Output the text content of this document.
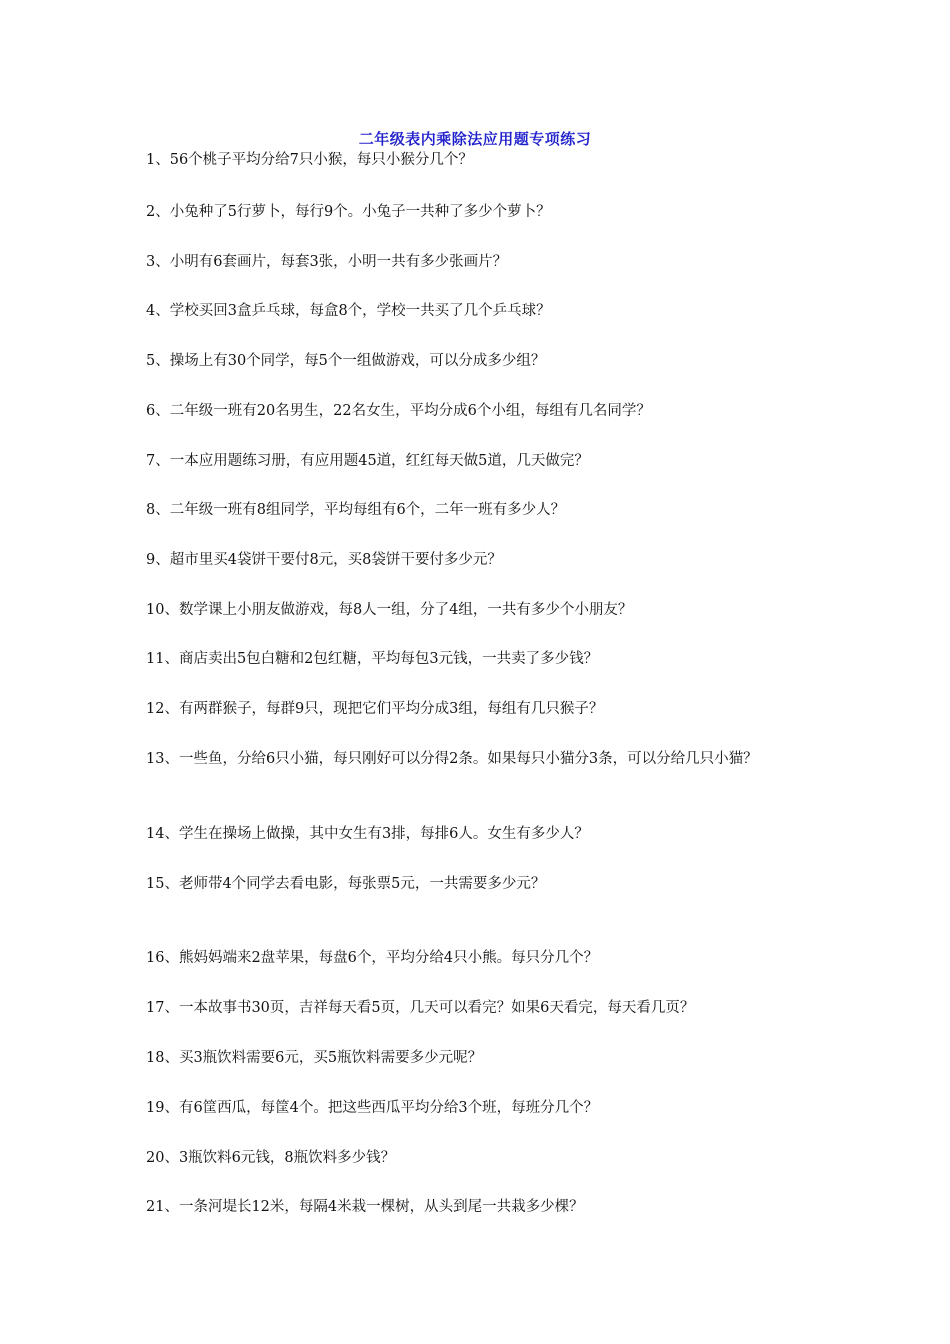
二年级表内乘除法应用题专项练习
1、56个桃子平均分给7只小猴，每只小猴分几个？
2、小兔种了5行萝卜，每行9个。小兔子一共种了多少个萝卜？
3、小明有6套画片，每套3张，小明一共有多少张画片？
4、学校买回3盒乒乓球，每盒8个，学校一共买了几个乒乓球？
5、操场上有30个同学，每5个一组做游戏，可以分成多少组？
6、二年级一班有20名男生，22名女生，平均分成6个小组，每组有几名同学？
7、一本应用题练习册，有应用题45道，红红每天做5道，几天做完？
8、二年级一班有8组同学，平均每组有6个，二年一班有多少人？
9、超市里买4袋饼干要付8元，买8袋饼干要付多少元？
10、数学课上小朋友做游戏，每8人一组，分了4组，一共有多少个小朋友？
11、商店卖出5包白糖和2包红糖，平均每包3元钱，一共卖了多少钱？
12、有两群猴子，每群9只，现把它们平均分成3组，每组有几只猴子？
13、一些鱼，分给6只小猫，每只刚好可以分得2条。如果每只小猫分3条，可以分给几只小猫？
14、学生在操场上做操，其中女生有3排，每排6人。女生有多少人？
15、老师带4个同学去看电影，每张票5元，一共需要多少元？
16、熊妈妈端来2盘苹果，每盘6个，平均分给4只小熊。每只分几个？
17、一本故事书30页，吉祥每天看5页，几天可以看完？如果6天看完，每天看几页？
18、买3瓶饮料需要6元，买5瓶饮料需要多少元呢？
19、有6筐西瓜，每筐4个。把这些西瓜平均分给3个班，每班分几个？
20、3瓶饮料6元钱，8瓶饮料多少钱？
21、一条河堤长12米，每隔4米栽一棵树，从头到尾一共栽多少棵？
